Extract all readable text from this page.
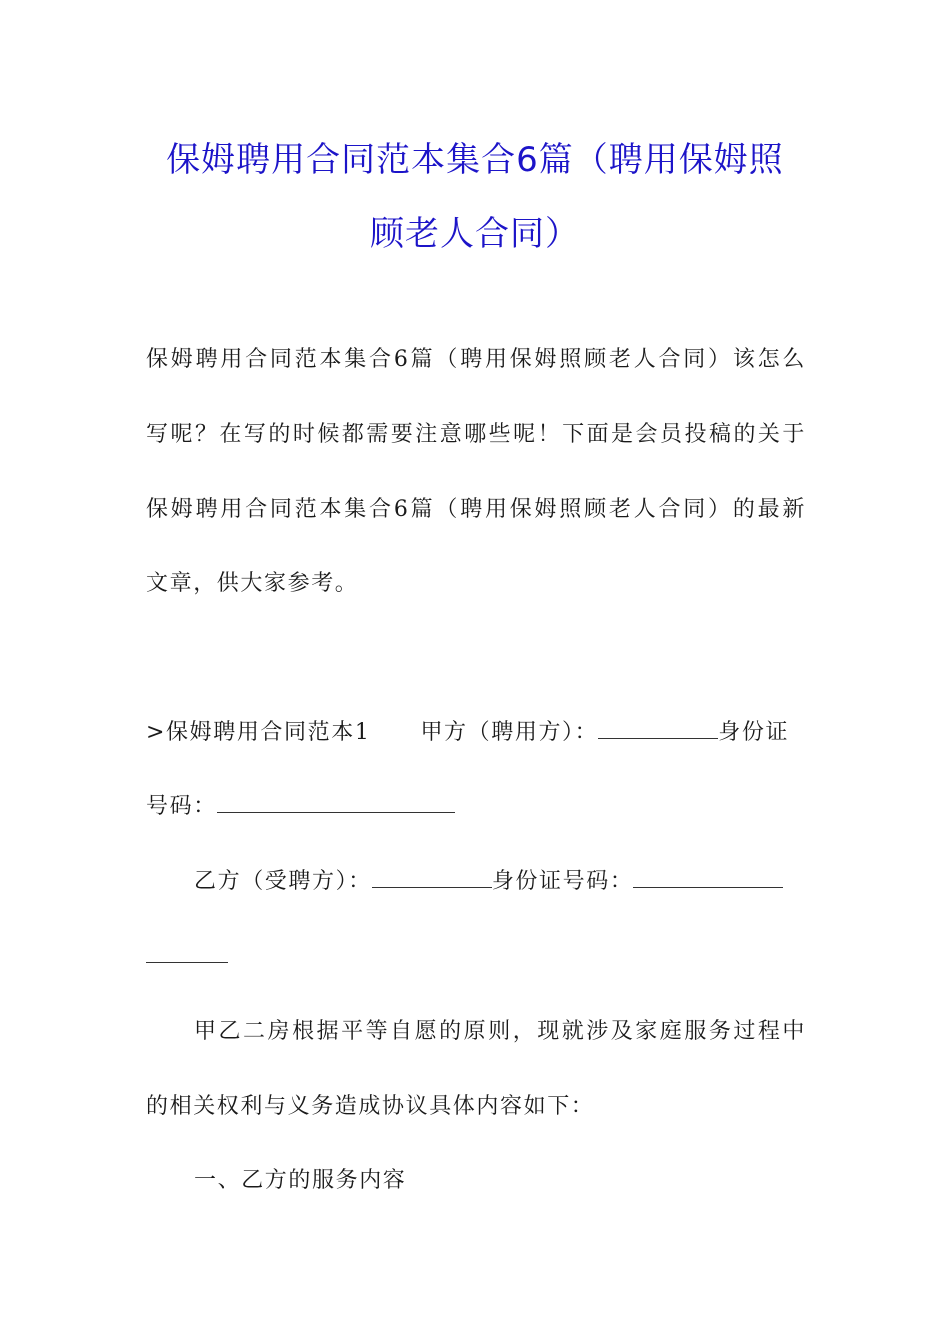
保姆聘用合同范本集合6篇（聘用保姆照
顾老人合同）
保姆聘用合同范本集合6篇（聘用保姆照顾老人合同）该怎么
写呢？在写的时候都需要注意哪些呢！下面是会员投稿的关于
保姆聘用合同范本集合6篇（聘用保姆照顾老人合同）的最新
文章，供大家参考。
>保姆聘用合同范本1 甲方（聘用方）：	身份证
号码：
乙方（受聘方）：	身份证号码：
甲乙二房根据平等自愿的原则，现就涉及家庭服务过程中
的相关权利与义务造成协议具体内容如下：
一、乙方的服务内容
